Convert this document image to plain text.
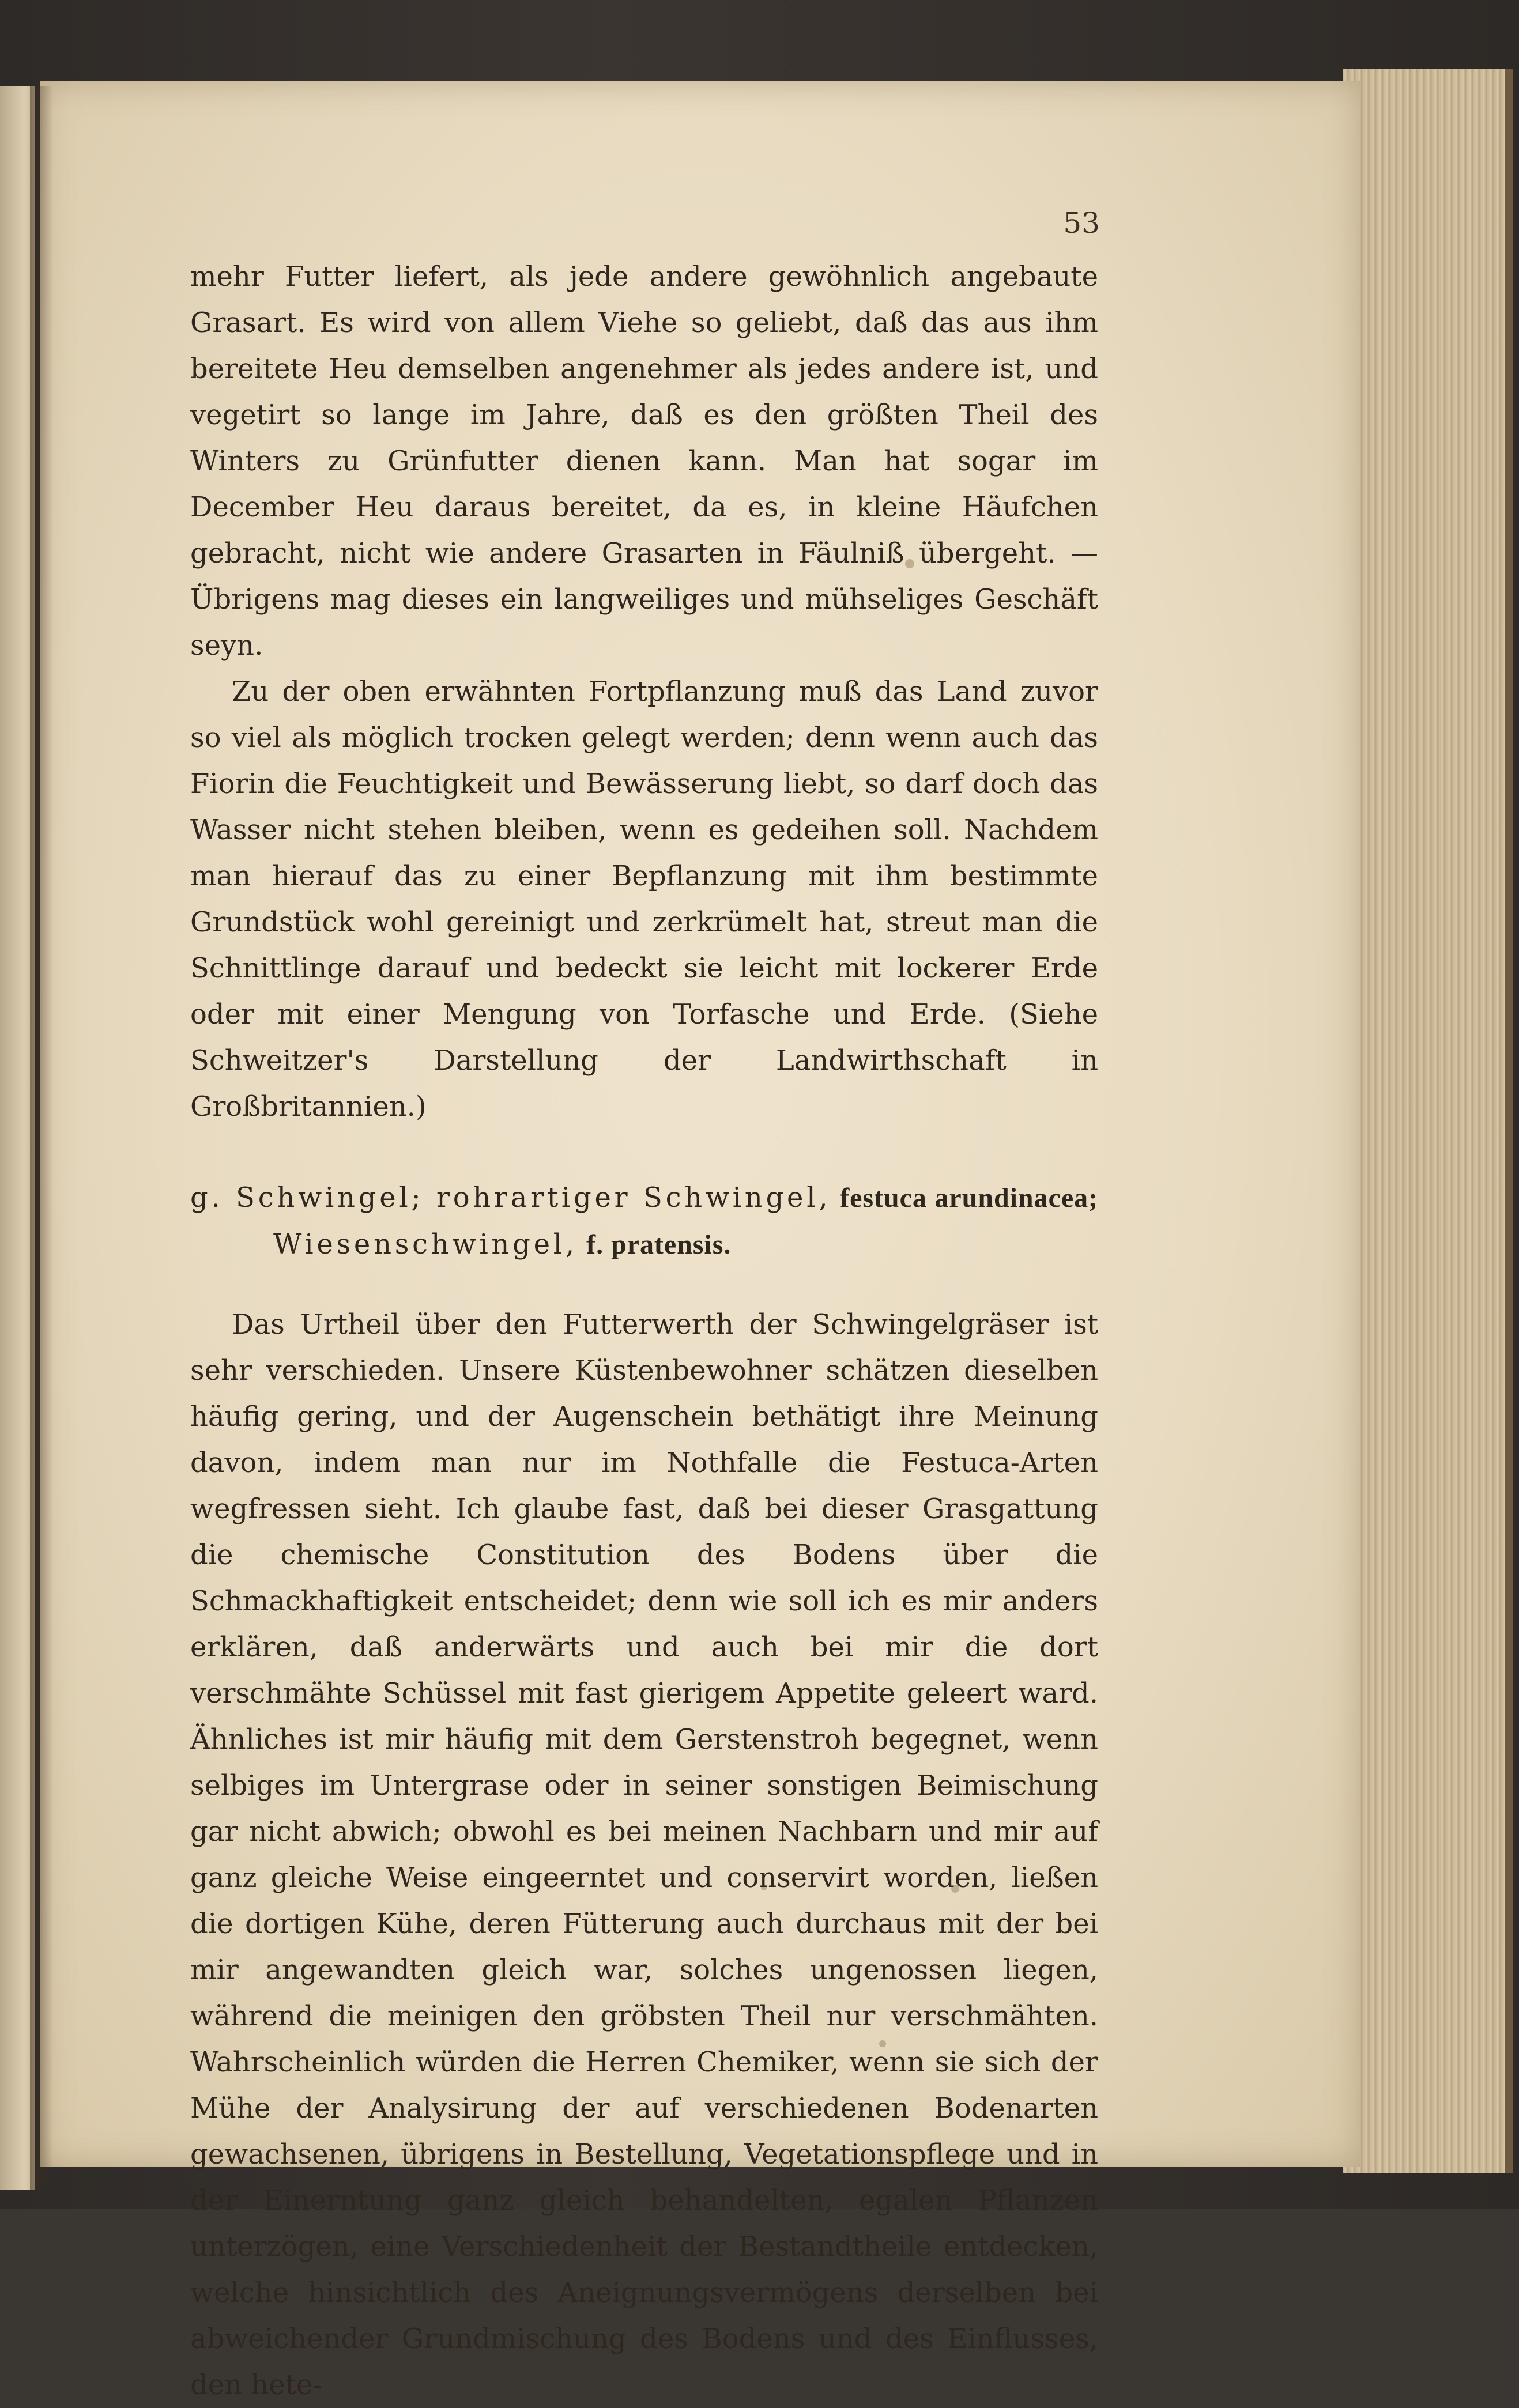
53

mehr Futter liefert, als jede andere gewöhnlich angebaute Grasart. Es wird von allem Viehe so geliebt, daß das aus ihm bereitete Heu demselben angenehmer als jedes andere ist, und vegetirt so lange im Jahre, daß es den größten Theil des Winters zu Grünfutter dienen kann. Man hat sogar im December Heu daraus bereitet, da es, in kleine Häufchen gebracht, nicht wie andere Grasarten in Fäulniß übergeht. — Übrigens mag dieses ein langweiliges und mühseliges Geschäft seyn.

Zu der oben erwähnten Fortpflanzung muß das Land zuvor so viel als möglich trocken gelegt werden; denn wenn auch das Fiorin die Feuchtigkeit und Bewässerung liebt, so darf doch das Wasser nicht stehen bleiben, wenn es gedeihen soll. Nachdem man hierauf das zu einer Bepflanzung mit ihm bestimmte Grundstück wohl gereinigt und zerkrümelt hat, streut man die Schnittlinge darauf und bedeckt sie leicht mit lockerer Erde oder mit einer Mengung von Torfasche und Erde. (Siehe Schweitzer's Darstellung der Landwirthschaft in Großbritannien.)

g. Schwingel; rohrartiger Schwingel, festuca arundinacea; Wiesenschwingel, f. pratensis.

Das Urtheil über den Futterwerth der Schwingelgräser ist sehr verschieden. Unsere Küstenbewohner schätzen dieselben häufig gering, und der Augenschein bethätigt ihre Meinung davon, indem man nur im Nothfalle die Festuca-Arten wegfressen sieht. Ich glaube fast, daß bei dieser Grasgattung die chemische Constitution des Bodens über die Schmackhaftigkeit entscheidet; denn wie soll ich es mir anders erklären, daß anderwärts und auch bei mir die dort verschmähte Schüssel mit fast gierigem Appetite geleert ward. Ähnliches ist mir häufig mit dem Gerstenstroh begegnet, wenn selbiges im Untergrase oder in seiner sonstigen Beimischung gar nicht abwich; obwohl es bei meinen Nachbarn und mir auf ganz gleiche Weise eingeerntet und conservirt worden, ließen die dortigen Kühe, deren Fütterung auch durchaus mit der bei mir angewandten gleich war, solches ungenossen liegen, während die meinigen den gröbsten Theil nur verschmähten. Wahrscheinlich würden die Herren Chemiker, wenn sie sich der Mühe der Analysirung der auf verschiedenen Bodenarten gewachsenen, übrigens in Bestellung, Vegetationspflege und in der Einerntung ganz gleich behandelten, egalen Pflanzen unterzögen, eine Verschiedenheit der Bestandtheile entdecken, welche hinsichtlich des Aneignungsvermögens derselben bei abweichender Grundmischung des Bodens und des Einflusses, den hete-
